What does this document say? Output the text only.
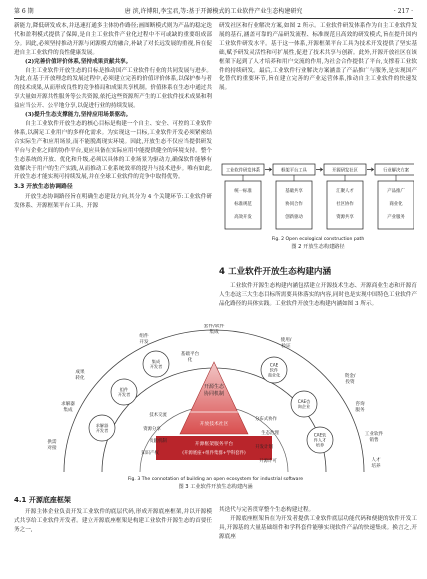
第 6 期	唐 滨,许博阳,李宝君,等:基于开源模式的工业软件产业生态构建研究	· 217 ·

新能力,降低研发成本,并迅速打通多主体协作路径;画图断模式则为产品的稳定迭代和盈利模式提供了保障,是自主工业软件产业化过程中不可或缺的重要组成部分。因此,必须坚持推动开源与闭源模式的融合,补缺了对长远发展的重视,旨在促进自主工业软件的良性健康发展。

(2)完善价值评价体系,坚持成果贡献共享。

自主工业软件开放生态的目标是推动国产工业软件行业的共同发展与进步。为此,在基于开放理念的发展过程中,必须建立完善的价值评价体系,以保护参与者的技术成果,从而形成良性的竞争格局和成果共享机制。价值体系在生态中通过共享大量如开源共性服务等公共资源,依托这些资源所产生的工业软件技术成果和利益应当公开、公平地分享,以促进行业的持续发展。

(3)提升生态支撑能力,坚持应用场景驱动。

自主工业软件开放生态的核心目标是构建一个自主、安全、可控的工业软件体系,以满足工业用户的多样化需求。为实现这一目标,工业软件开发必须紧密结合实际生产和应用场景,而不能脱离现实环境。因此,开放生态不仅应当提供研发平台与企业之间的协作平台,更应具备在实际应用中能提供健全的环境支持。整个生态系统的开放、优化和升级,必须以具体的工业场景为驱动力,确保软件能够有效解决于用户的生产实践,从而推动工业系统效率的提升与技术进步。唯有如此,开放生态才能实现可持续发展,并在全球工业软件的竞争中取得优势。

3.3 开放生态协调路径

开放生态协调路径旨在明确生态建设方向,其分为 4 个关键环节:工业软件研发体系、开源框架平台工具、开源

研发社区和行业解决方案,如图 2 所示。工业软件研发体系作为自主工业软件发展的基石,涵盖可靠的产品研发流程、标准规范且高效的研发模式,旨在提升国内工业软件研发水平。基于这一体系,开源框架平台工具为技术开发提供了坚实基础,赋予研发灵活性和可扩展性,促进了技术共享与创新。此外,开源开放社区在该框架下起到了人才培养和用户交流的作用,为社会合作提供了平台,支撑着工业软件的持续研发。最后,工业软件行业解决方案涵盖了产品推广与服务,是实现国产化替代的重要环节,旨在建立完善的产业运营体系,推动自主工业软件的快速发展。

工业软件研发体系
统一标准
标准规范
高效开发
框架平台工具
基础共享
协同合作
创新驱动
开源研发社区
汇聚人才
社区协作
资源共享
行业解决方案
产品推广
商业化
产业服务
Fig. 2 Open ecological construction path
图 2 开放生态构建路径
4 工业软件开放生态构建内涵

工业软件开源生态构建内涵包括建立开源技术生态、开源商业生态和开源育人生态这三大生态目标所需要具体落实的内容,同时也是实现中国特色工业软件产品化路径的具体实践。工业软件开放生态构建内涵如图 3 所示。

开源生态
协同机制
开放技术社区
开源框架服务平台
(开源底座+组件集群+学科套件)
套件/软件
集成
组件
开发	使用/
验证
基础平台
化
成果
转化	资金/
投资
求解器
集成
咨询
服务
供需
对接
工业软件
销售
人才
培养
集成
开发者
组件
开发者
求解器
开发者
CAE
软件
商业化
CAE咨
询企业
CAE软
件人才
培养
技术交流
资源分享
贡献机制
知识产权
分布式协作
生态治理
开发计划
开源许可
Fig. 3 The connotation of building an open ecosystem for industrial software
图 3 工业软件开放生态构建内涵

4.1 开源底座框架

开源主体企业负责开发工业软件的底层代码,形成开源底座框架,并以开源模式共享给工业软件开发者。建立开源底座框架是构建工业软件开源生态的首要任务之一,

其迭代与完善贯穿整个生态构建过程。

开源底座框架旨在为开发者提供工业软件底层功能代码和便捷的软件开发工具,开源基的大量基础组件和学科套件能够实现软件产品的快速集成。换言之,开源底座
